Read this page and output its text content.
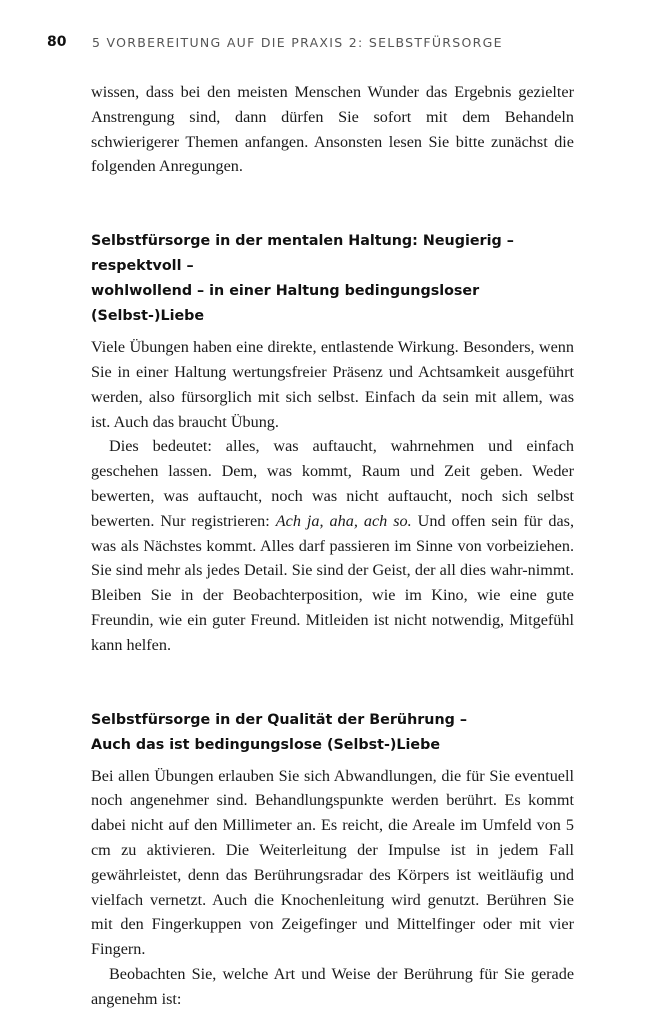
80 5 VORBEREITUNG AUF DIE PRAXIS 2: SELBSTFÜRSORGE

wissen, dass bei den meisten Menschen Wunder das Ergebnis gezielter Anstrengung sind, dann dürfen Sie sofort mit dem Behandeln schwierigerer Themen anfangen. Ansonsten lesen Sie bitte zunächst die folgenden Anregungen.

Selbstfürsorge in der mentalen Haltung: Neugierig – respektvoll –
wohlwollend – in einer Haltung bedingungsloser (Selbst-)Liebe

Viele Übungen haben eine direkte, entlastende Wirkung. Besonders, wenn Sie in einer Haltung wertungsfreier Präsenz und Achtsamkeit ausgeführt werden, also fürsorglich mit sich selbst. Einfach da sein mit allem, was ist. Auch das braucht Übung.

Dies bedeutet: alles, was auftaucht, wahrnehmen und einfach geschehen lassen. Dem, was kommt, Raum und Zeit geben. Weder bewerten, was auftaucht, noch was nicht auftaucht, noch sich selbst bewerten. Nur registrieren: Ach ja, aha, ach so. Und offen sein für das, was als Nächstes kommt. Alles darf passieren im Sinne von vorbeiziehen. Sie sind mehr als jedes Detail. Sie sind der Geist, der all dies wahr-nimmt. Bleiben Sie in der Beobachterposition, wie im Kino, wie eine gute Freundin, wie ein guter Freund. Mitleiden ist nicht notwendig, Mitgefühl kann helfen.

Selbstfürsorge in der Qualität der Berührung –
Auch das ist bedingungslose (Selbst-)Liebe

Bei allen Übungen erlauben Sie sich Abwandlungen, die für Sie eventuell noch angenehmer sind. Behandlungspunkte werden berührt. Es kommt dabei nicht auf den Millimeter an. Es reicht, die Areale im Umfeld von 5 cm zu aktivieren. Die Weiterleitung der Impulse ist in jedem Fall gewährleistet, denn das Berührungsradar des Körpers ist weitläufig und vielfach vernetzt. Auch die Knochenleitung wird genutzt. Berühren Sie mit den Fingerkuppen von Zeigefinger und Mittelfinger oder mit vier Fingern.

Beobachten Sie, welche Art und Weise der Berührung für Sie gerade angenehm ist:
